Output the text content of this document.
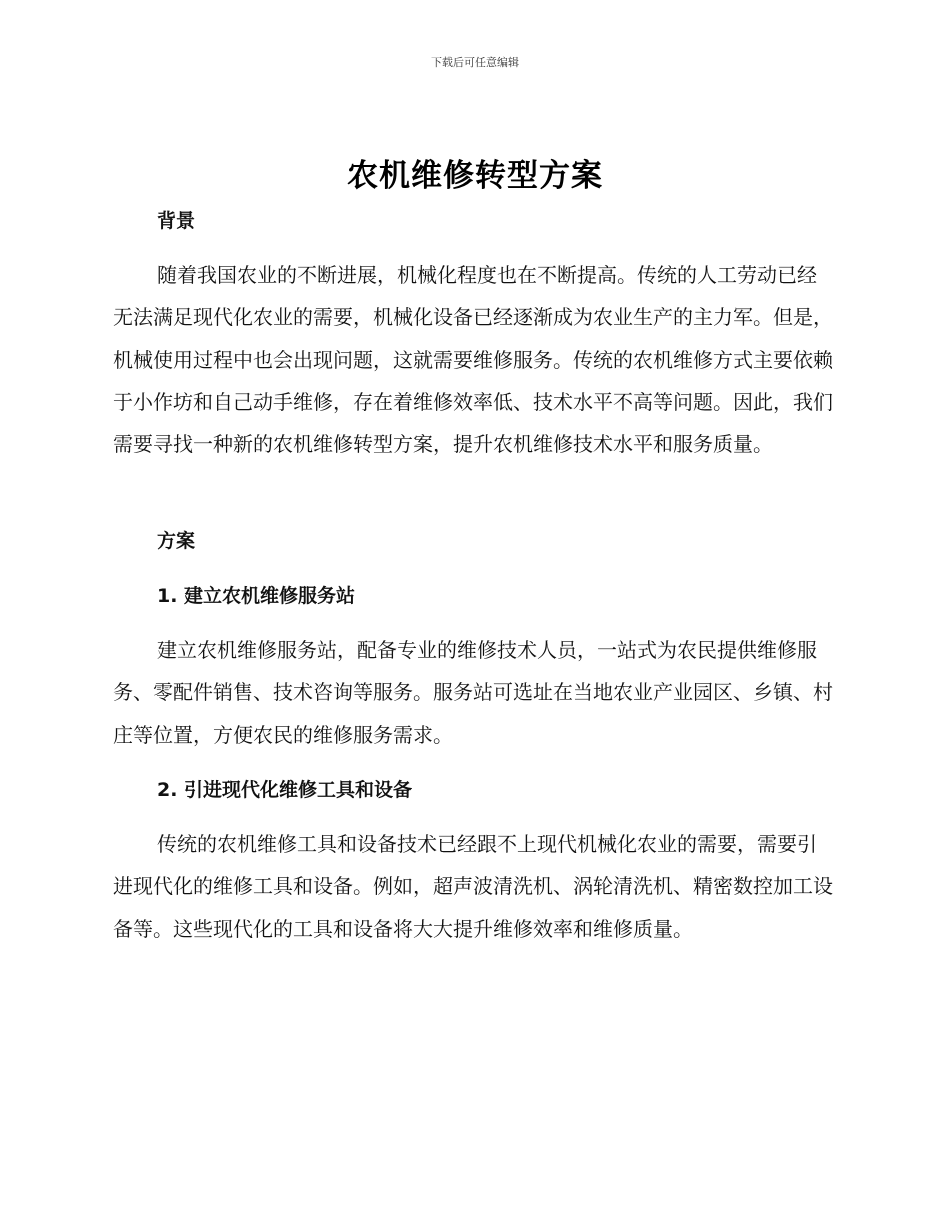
下载后可任意编辑
农机维修转型方案
背景

随着我国农业的不断进展，机械化程度也在不断提高。传统的人工劳动已经无法满足现代化农业的需要，机械化设备已经逐渐成为农业生产的主力军。但是，机械使用过程中也会出现问题，这就需要维修服务。传统的农机维修方式主要依赖于小作坊和自己动手维修，存在着维修效率低、技术水平不高等问题。因此，我们需要寻找一种新的农机维修转型方案，提升农机维修技术水平和服务质量。

方案
1. 建立农机维修服务站

建立农机维修服务站，配备专业的维修技术人员，一站式为农民提供维修服务、零配件销售、技术咨询等服务。服务站可选址在当地农业产业园区、乡镇、村庄等位置，方便农民的维修服务需求。

2. 引进现代化维修工具和设备

传统的农机维修工具和设备技术已经跟不上现代机械化农业的需要，需要引进现代化的维修工具和设备。例如，超声波清洗机、涡轮清洗机、精密数控加工设备等。这些现代化的工具和设备将大大提升维修效率和维修质量。
